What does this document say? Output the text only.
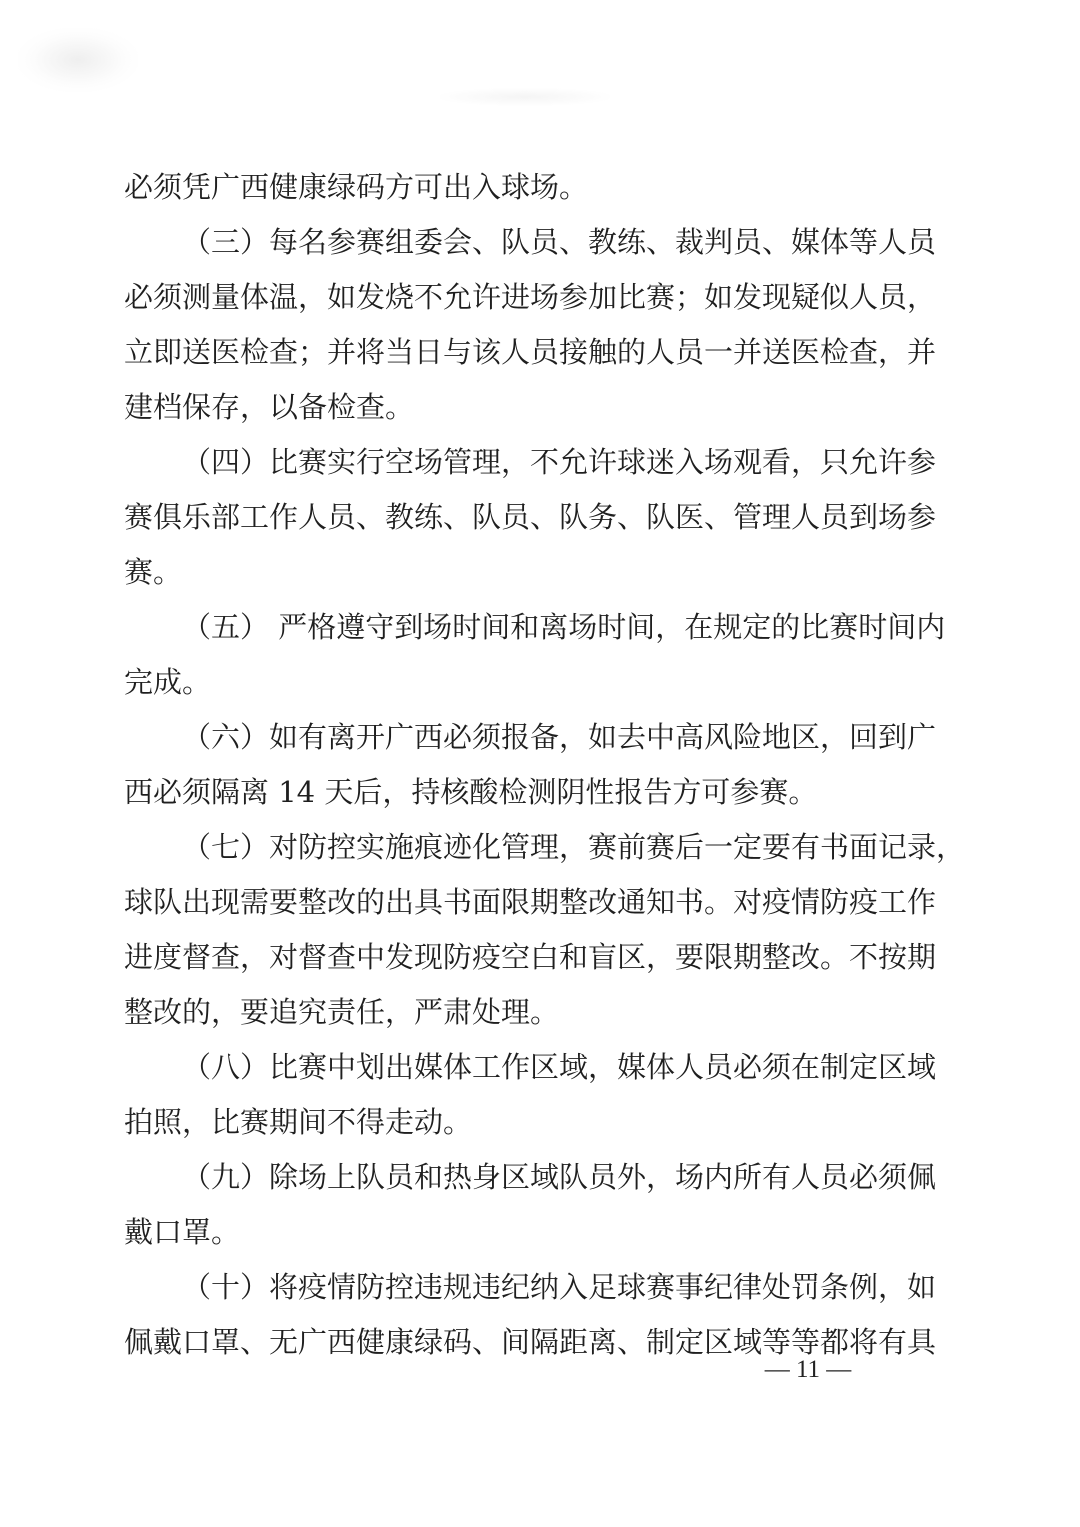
必须凭广西健康绿码方可出入球场。
（三）每名参赛组委会、队员、教练、裁判员、媒体等人员
必须测量体温，如发烧不允许进场参加比赛；如发现疑似人员，
立即送医检查；并将当日与该人员接触的人员一并送医检查，并
建档保存，以备检查。
（四）比赛实行空场管理，不允许球迷入场观看，只允许参
赛俱乐部工作人员、教练、队员、队务、队医、管理人员到场参
赛。
（五） 严格遵守到场时间和离场时间，在规定的比赛时间内
完成。
（六）如有离开广西必须报备，如去中高风险地区，回到广
西必须隔离 14 天后，持核酸检测阴性报告方可参赛。
（七）对防控实施痕迹化管理，赛前赛后一定要有书面记录，
球队出现需要整改的出具书面限期整改通知书。对疫情防疫工作
进度督查，对督查中发现防疫空白和盲区，要限期整改。不按期
整改的，要追究责任，严肃处理。
（八）比赛中划出媒体工作区域，媒体人员必须在制定区域
拍照，比赛期间不得走动。
（九）除场上队员和热身区域队员外，场内所有人员必须佩
戴口罩。
（十）将疫情防控违规违纪纳入足球赛事纪律处罚条例，如
佩戴口罩、无广西健康绿码、间隔距离、制定区域等等都将有具
— 11 —
